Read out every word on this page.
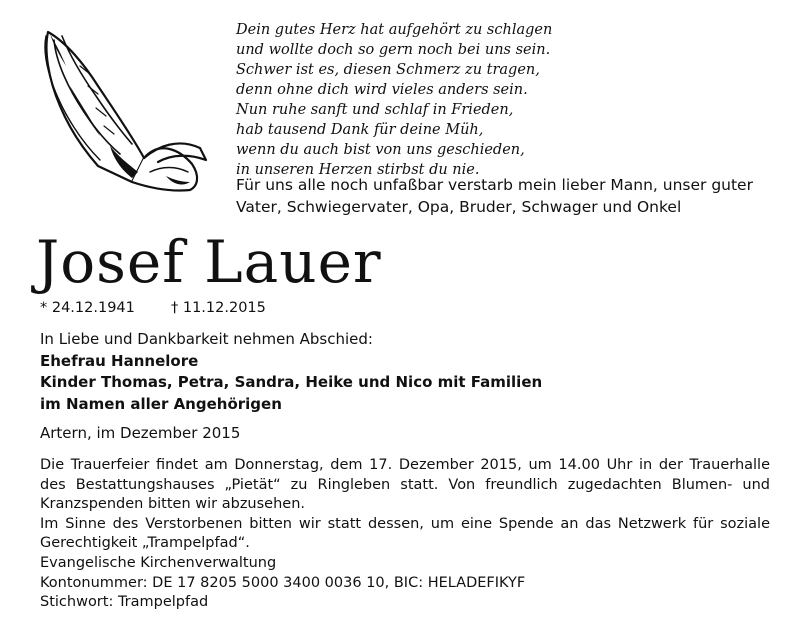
Dein gutes Herz hat aufgehört zu schlagen
und wollte doch so gern noch bei uns sein.
Schwer ist es, diesen Schmerz zu tragen,
denn ohne dich wird vieles anders sein.
Nun ruhe sanft und schlaf in Frieden,
hab tausend Dank für deine Müh,
wenn du auch bist von uns geschieden,
in unseren Herzen stirbst du nie.
Für uns alle noch unfaßbar verstarb mein lieber Mann, unser guter Vater, Schwiegervater, Opa, Bruder, Schwager und Onkel
Josef Lauer
* 24.12.1941 † 11.12.2015
In Liebe und Dankbarkeit nehmen Abschied:
Ehefrau Hannelore
Kinder Thomas, Petra, Sandra, Heike und Nico mit Familien
im Namen aller Angehörigen
Artern, im Dezember 2015
Die Trauerfeier findet am Donnerstag, dem 17. Dezember 2015, um 14.00 Uhr in der Trauerhalle
des Bestattungshauses „Pietät“ zu Ringleben statt. Von freundlich zugedachten Blumen- und
Kranzspenden bitten wir abzusehen.
Im Sinne des Verstorbenen bitten wir statt dessen, um eine Spende an das Netzwerk für soziale
Gerechtigkeit „Trampelpfad“.
Evangelische Kirchenverwaltung
Kontonummer: DE 17 8205 5000 3400 0036 10, BIC: HELADEFIKYF
Stichwort: Trampelpfad
